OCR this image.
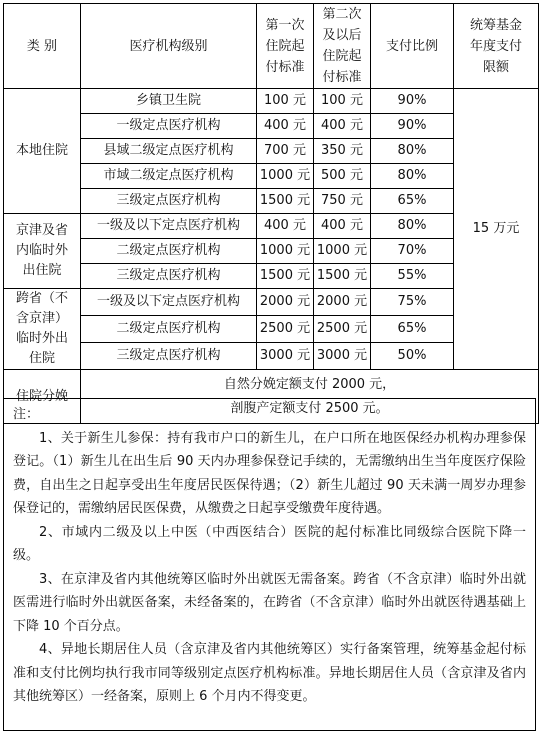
类 别	医疗机构级别	第一次住院起付标准	第二次及以后住院起付标准	支付比例	统筹基金年度支付限额
本地住院	乡镇卫生院	100 元	100 元	90%	15 万元
	一级定点医疗机构	400 元	400 元	90%	
	县域二级定点医疗机构	700 元	350 元	80%	
	市域二级定点医疗机构	1000 元	500 元	80%	
	三级定点医疗机构	1500 元	750 元	65%	
京津及省内临时外出住院	一级及以下定点医疗机构	400 元	400 元	80%	
	二级定点医疗机构	1000 元	1000 元	70%	
	三级定点医疗机构	1500 元	1500 元	55%	
跨省（不含京津）临时外出住院	一级及以下定点医疗机构	2000 元	2000 元	75%	
	二级定点医疗机构	2500 元	2500 元	65%	
	三级定点医疗机构	3000 元	3000 元	50%	
住院分娩	自然分娩定额支付 2000 元，
剖腹产定额支付 2500 元。				

注：

1、关于新生儿参保：持有我市户口的新生儿，在户口所在地医保经办机构办理参保登记。（1）新生儿在出生后 90 天内办理参保登记手续的，无需缴纳出生当年度医疗保险费，自出生之日起享受出生年度居民医保待遇；（2）新生儿超过 90 天未满一周岁办理参保登记的，需缴纳居民医保费，从缴费之日起享受缴费年度待遇。

2、市域内二级及以上中医（中西医结合）医院的起付标准比同级综合医院下降一级。

3、在京津及省内其他统筹区临时外出就医无需备案。跨省（不含京津）临时外出就医需进行临时外出就医备案，未经备案的，在跨省（不含京津）临时外出就医待遇基础上下降 10 个百分点。

4、异地长期居住人员（含京津及省内其他统筹区）实行备案管理，统筹基金起付标准和支付比例均执行我市同等级别定点医疗机构标准。异地长期居住人员（含京津及省内其他统筹区）一经备案，原则上 6 个月内不得变更。
